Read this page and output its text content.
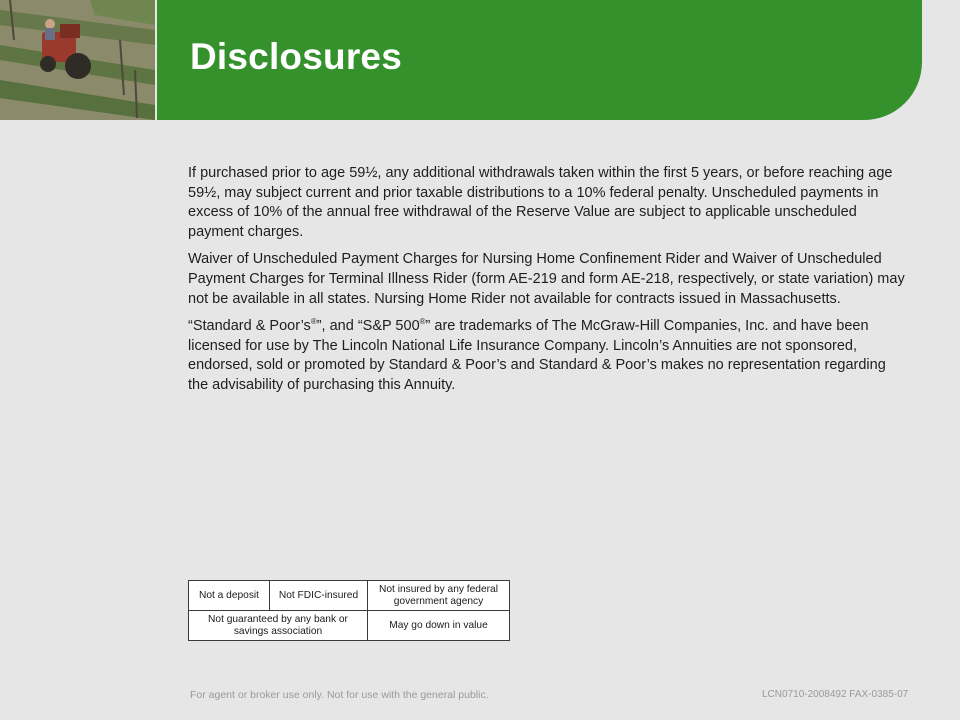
Disclosures

If purchased prior to age 59½, any additional withdrawals taken within the first 5 years, or before reaching age 59½, may subject current and prior taxable distributions to a 10% federal penalty. Unscheduled payments in excess of 10% of the annual free withdrawal of the Reserve Value are subject to applicable unscheduled payment charges.

Waiver of Unscheduled Payment Charges for Nursing Home Confinement Rider and Waiver of Unscheduled Payment Charges for Terminal Illness Rider (form AE-219 and form AE-218, respectively, or state variation) may not be available in all states. Nursing Home Rider not available for contracts issued in Massachusetts.

“Standard & Poor’s®”, and “S&P 500®” are trademarks of The McGraw-Hill Companies, Inc. and have been licensed for use by The Lincoln National Life Insurance Company. Lincoln’s Annuities are not sponsored, endorsed, sold or promoted by Standard & Poor’s and Standard & Poor’s makes no representation regarding the advisability of purchasing this Annuity.

Not a deposit	Not FDIC-insured	Not insured by any federal government agency

Not guaranteed by any bank or savings association		May go down in value
For agent or broker use only. Not for use with the general public.	LCN0710-2008492 FAX-0385-07
